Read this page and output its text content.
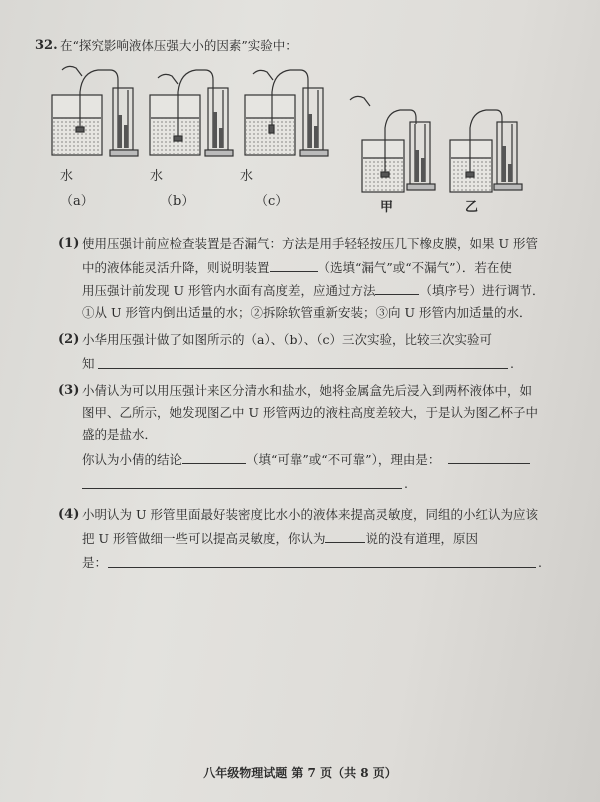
32. 在“探究影响液体压强大小的因素”实验中：
水	水	水
（a）	（b）	（c）	甲	乙
(1) 使用压强计前应检查装置是否漏气：方法是用手轻轻按压几下橡皮膜，如果 U 形管
中的液体能灵活升降，则说明装置	（选填“漏气”或“不漏气”）．若在使
用压强计前发现 U 形管内水面有高度差，应通过方法	（填序号）进行调节．
①从 U 形管内倒出适量的水；②拆除软管重新安装；③向 U 形管内加适量的水．
(2) 小华用压强计做了如图所示的（a）、（b）、（c）三次实验，比较三次实验可
知	.
(3) 小倩认为可以用压强计来区分清水和盐水，她将金属盒先后浸入到两杯液体中，如
图甲、乙所示，她发现图乙中 U 形管两边的液柱高度差较大，于是认为图乙杯子中
盛的是盐水．
你认为小倩的结论	（填“可靠”或“不可靠”），理由是：
.
(4) 小明认为 U 形管里面最好装密度比水小的液体来提高灵敏度，同组的小红认为应该
把 U 形管做细一些可以提高灵敏度，你认为	说的没有道理，原因
是：	.
八年级物理试题 第 7 页（共 8 页）
